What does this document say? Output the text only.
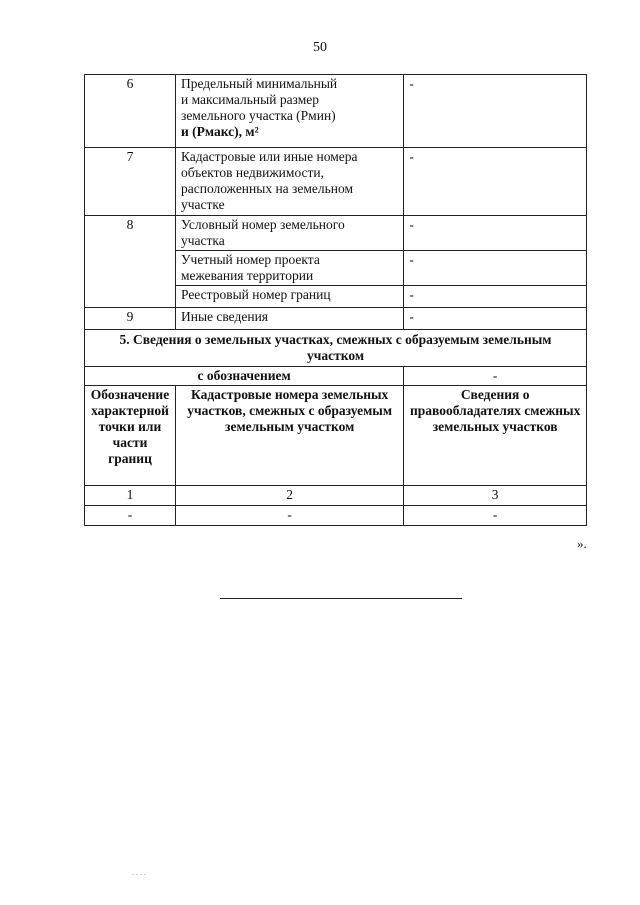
50
6	Предельный минимальный
и максимальный размер
земельного участка (Рмин)
и (Рмакс), м²	-
7	Кадастровые или иные номера
объектов недвижимости,
расположенных на земельном
участке	-
8	Условный номер земельного
участка	-

	Учетный номер проекта
межевания территории	-

	Реестровый номер границ	-
9	Иные сведения	-
5. Сведения о земельных участках, смежных с образуемым земельным участком		
с обозначением		-
Обозначение характерной точки или части границ	Кадастровые номера земельных участков, смежных с образуемым земельным участком	Сведения о правообладателях смежных земельных участков
1	2	3
-	-	-
».
. . . .
